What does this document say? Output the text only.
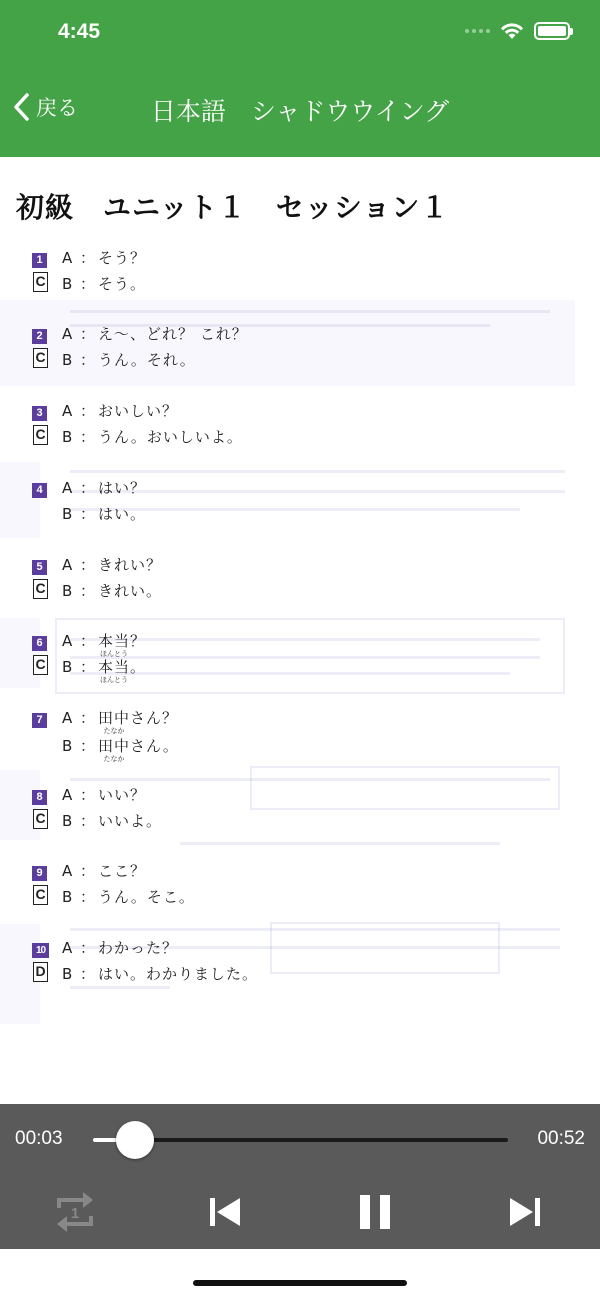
4:45
戻る	日本語　シャドウウイング
初級　ユニット１　セッション１
1
C
A ： そう？
B ： そう。
2
C
A ： え～、どれ？ これ？
B ： うん。それ。
3
C
A ： おいしい？
B ： うん。おいしいよ。
4 A ： はい？
B ： はい。
5
C
A ： きれい？
B ： きれい。
6
C
A ： 本当
ほんとう
？
B ： 本当
ほんとう
。
7 A ： 田中
たなか
さん？
B ： 田中
たなか
さん。
8
C
A ： いい？
B ： いいよ。
9
C
A ： ここ？
B ： うん。そこ。
10
D
A ： わかった？
B ： はい。わかりました。
00:03	00:52
1
